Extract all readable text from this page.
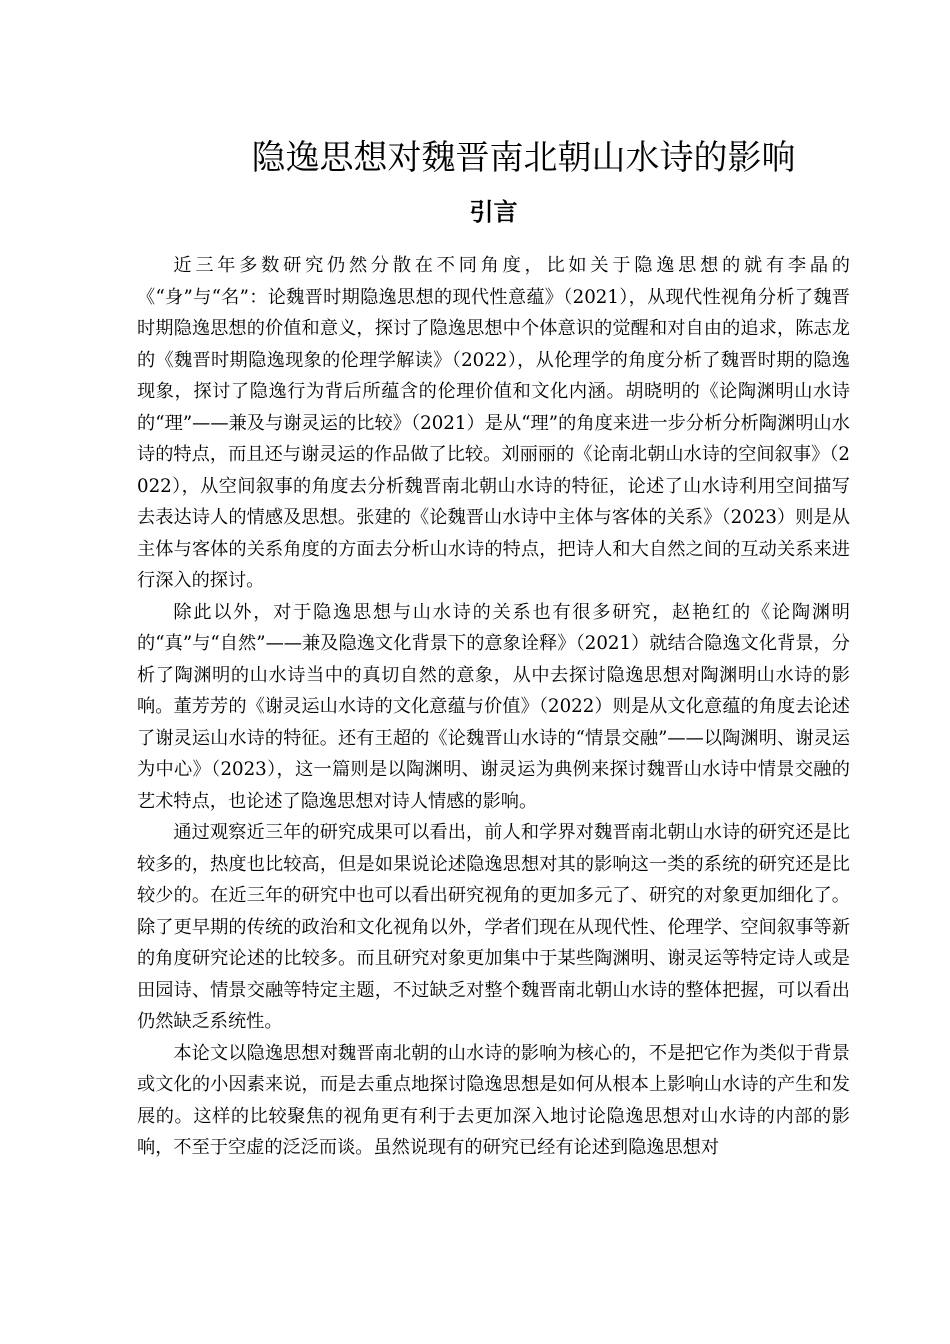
隐逸思想对魏晋南北朝山水诗的影响
引言

近三年多数研究仍然分散在不同角度，比如关于隐逸思想的就有李晶的《“身”与“名”：论魏晋时期隐逸思想的现代性意蕴》（2021），从现代性视角分析了魏晋时期隐逸思想的价值和意义，探讨了隐逸思想中个体意识的觉醒和对自由的追求，陈志龙的《魏晋时期隐逸现象的伦理学解读》（2022），从伦理学的角度分析了魏晋时期的隐逸现象，探讨了隐逸行为背后所蕴含的伦理价值和文化内涵。胡晓明的《论陶渊明山水诗的“理”——兼及与谢灵运的比较》（2021）是从“理”的角度来进一步分析分析陶渊明山水诗的特点，而且还与谢灵运的作品做了比较。刘丽丽的《论南北朝山水诗的空间叙事》（2022），从空间叙事的角度去分析魏晋南北朝山水诗的特征，论述了山水诗利用空间描写去表达诗人的情感及思想。张建的《论魏晋山水诗中主体与客体的关系》（2023）则是从主体与客体的关系角度的方面去分析山水诗的特点，把诗人和大自然之间的互动关系来进行深入的探讨。

除此以外，对于隐逸思想与山水诗的关系也有很多研究，赵艳红的《论陶渊明的“真”与“自然”——兼及隐逸文化背景下的意象诠释》（2021）就结合隐逸文化背景，分析了陶渊明的山水诗当中的真切自然的意象，从中去探讨隐逸思想对陶渊明山水诗的影响。董芳芳的《谢灵运山水诗的文化意蕴与价值》（2022）则是从文化意蕴的角度去论述了谢灵运山水诗的特征。还有王超的《论魏晋山水诗的“情景交融”——以陶渊明、谢灵运为中心》（2023），这一篇则是以陶渊明、谢灵运为典例来探讨魏晋山水诗中情景交融的艺术特点，也论述了隐逸思想对诗人情感的影响。

通过观察近三年的研究成果可以看出，前人和学界对魏晋南北朝山水诗的研究还是比较多的，热度也比较高，但是如果说论述隐逸思想对其的影响这一类的系统的研究还是比较少的。在近三年的研究中也可以看出研究视角的更加多元了、研究的对象更加细化了。除了更早期的传统的政治和文化视角以外，学者们现在从现代性、伦理学、空间叙事等新的角度研究论述的比较多。而且研究对象更加集中于某些陶渊明、谢灵运等特定诗人或是田园诗、情景交融等特定主题，不过缺乏对整个魏晋南北朝山水诗的整体把握，可以看出仍然缺乏系统性。

本论文以隐逸思想对魏晋南北朝的山水诗的影响为核心的，不是把它作为类似于背景或文化的小因素来说，而是去重点地探讨隐逸思想是如何从根本上影响山水诗的产生和发展的。这样的比较聚焦的视角更有利于去更加深入地讨论隐逸思想对山水诗的内部的影响，不至于空虚的泛泛而谈。虽然说现有的研究已经有论述到隐逸思想对
